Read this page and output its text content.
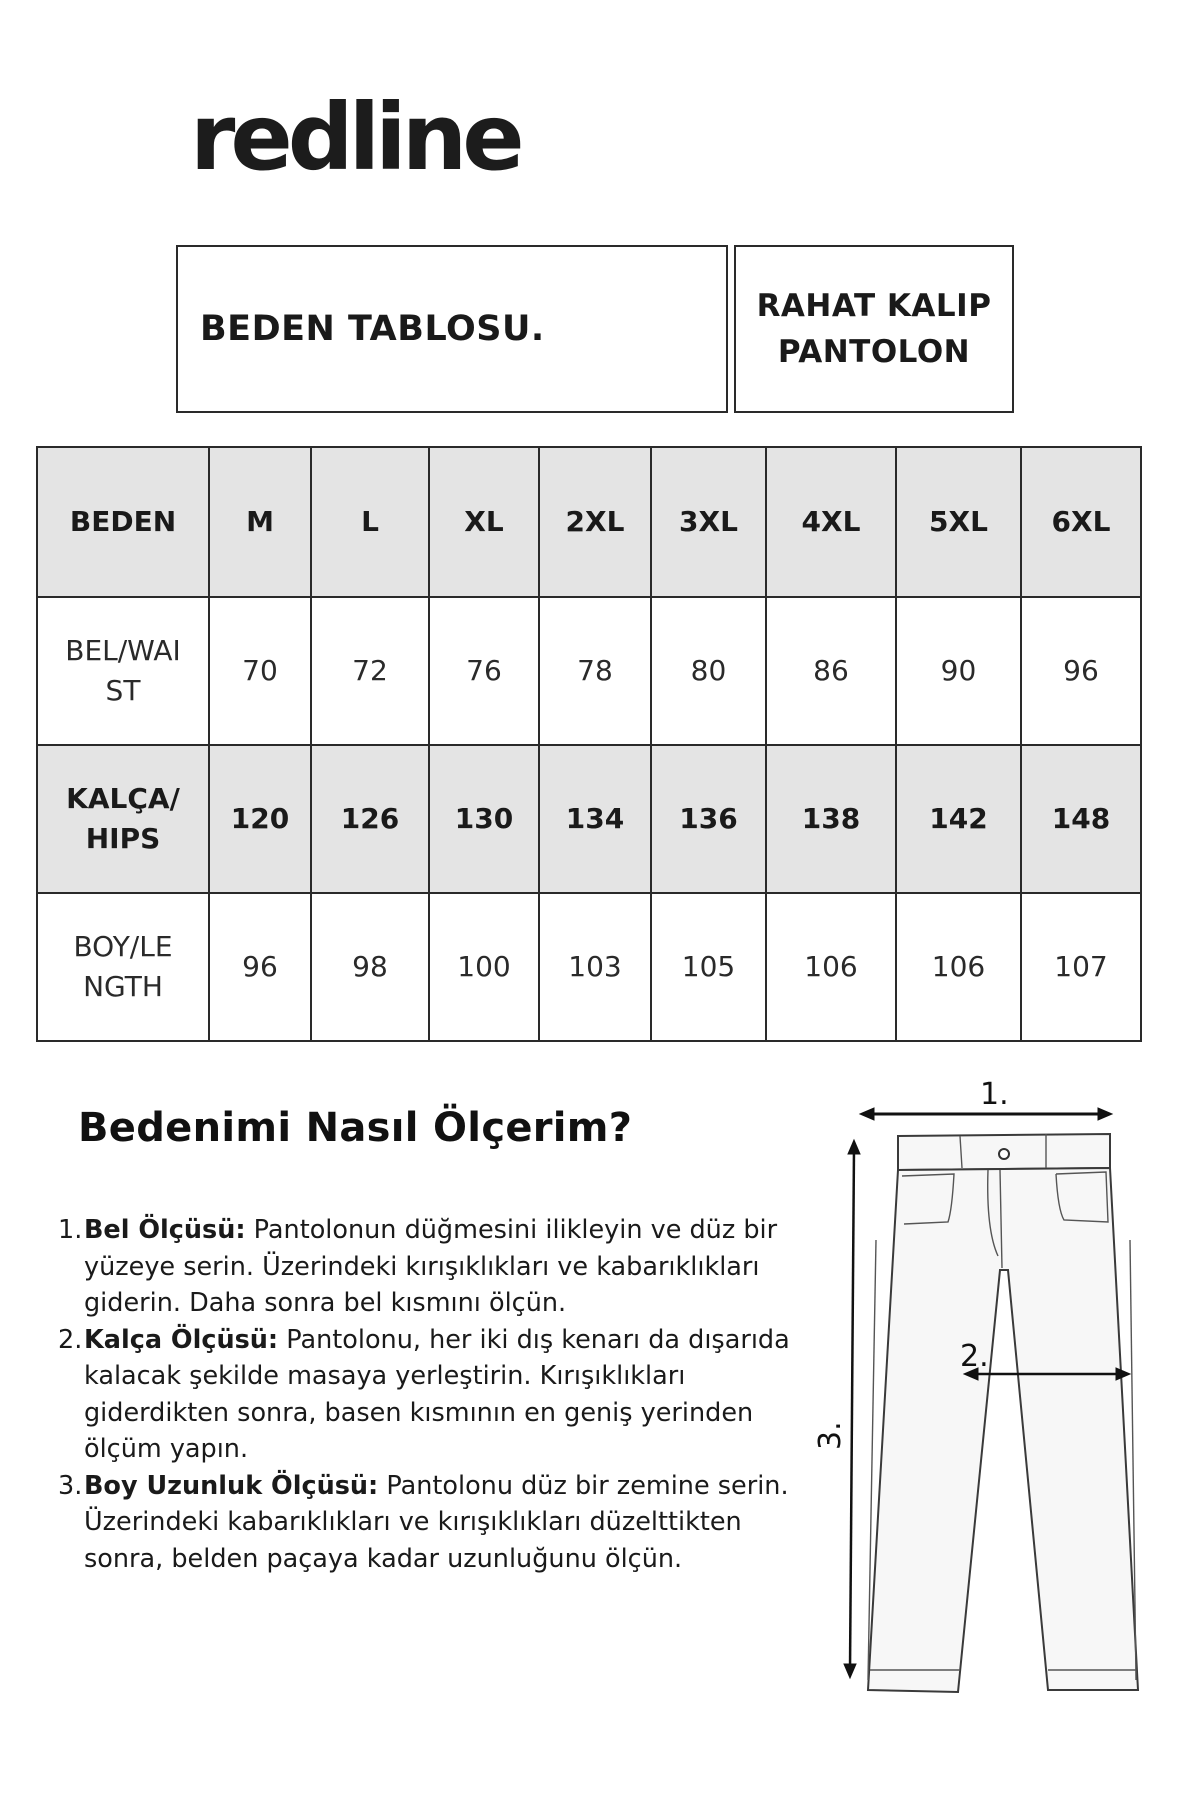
redline
BEDEN TABLOSU.
RAHAT KALIP
PANTOLON
BEDEN	M	L	XL	2XL	3XL	4XL	5XL	6XL
BEL/WAI
ST	70	72	76	78	80	86	90	96
KALÇA/
HIPS	120	126	130	134	136	138	142	148
BOY/LE
NGTH	96	98	100	103	105	106	106	107
Bedenimi Nasıl Ölçerim?
1. Bel Ölçüsü: Pantolonun düğmesini ilikleyin ve düz bir yüzeye serin. Üzerindeki kırışıklıkları ve kabarıklıkları giderin. Daha sonra bel kısmını ölçün.
2. Kalça Ölçüsü: Pantolonu, her iki dış kenarı da dışarıda kalacak şekilde masaya yerleştirin. Kırışıklıkları giderdikten sonra, basen kısmının en geniş yerinden ölçüm yapın.
3. Boy Uzunluk Ölçüsü: Pantolonu düz bir zemine serin. Üzerindeki kabarıklıkları ve kırışıklıkları düzelttikten sonra, belden paçaya kadar uzunluğunu ölçün.
1.
2.
3.
